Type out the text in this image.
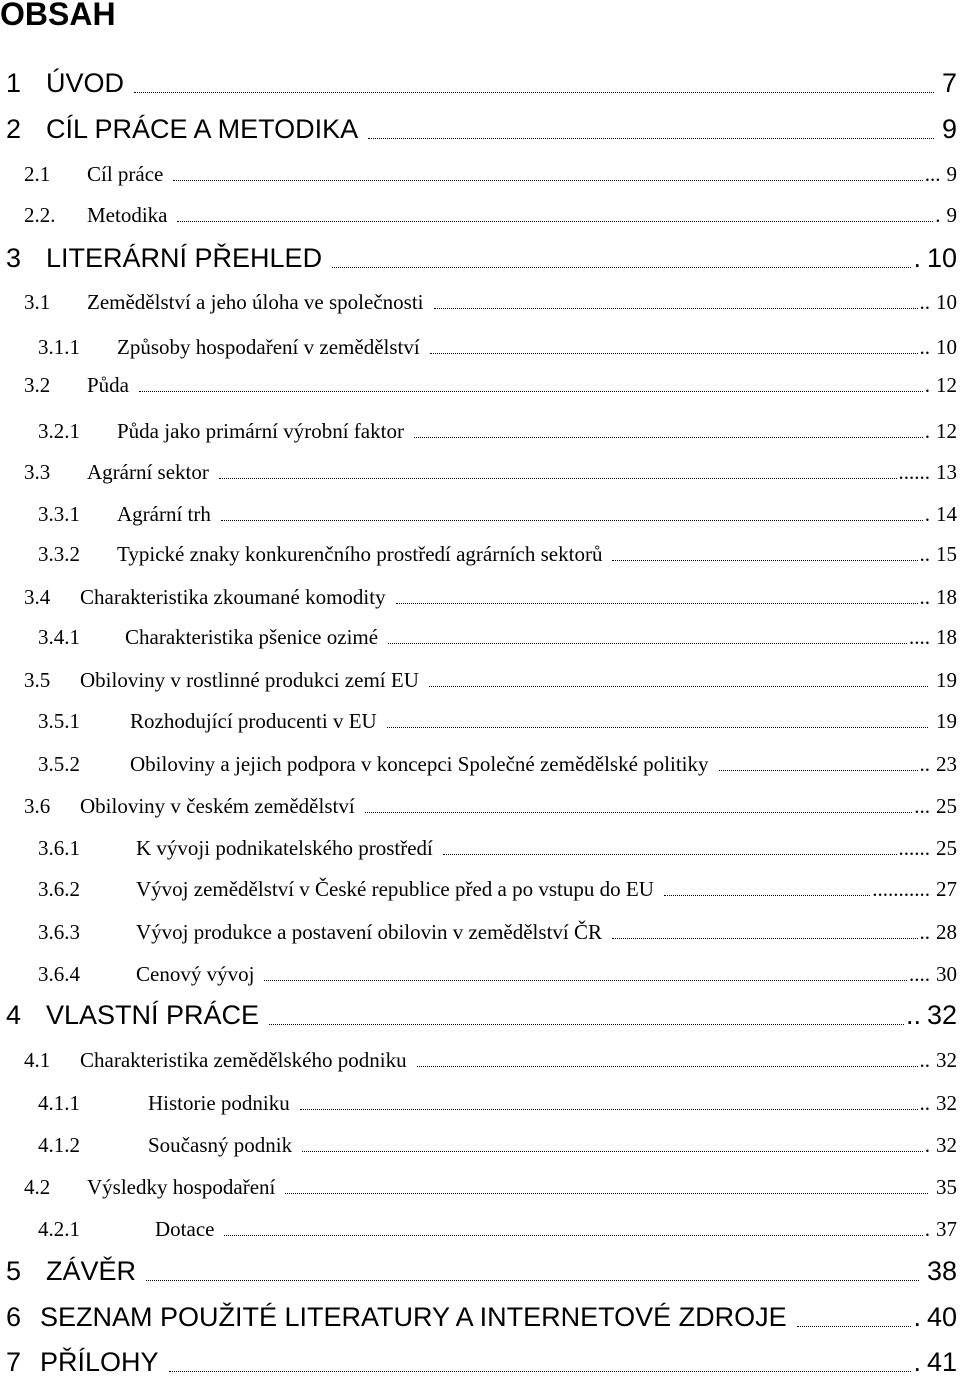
OBSAH
1 ÚVOD	7
2 CÍL PRÁCE A METODIKA	9
2.1 Cíl práce	... 9
2.2. Metodika	. 9
3 LITERÁRNÍ PŘEHLED	. 10
3.1 Zemědělství a jeho úloha ve společnosti	.. 10
3.1.1 Způsoby hospodaření v zemědělství	.. 10
3.2 Půda	. 12
3.2.1 Půda jako primární výrobní faktor	. 12
3.3 Agrární sektor	...... 13
3.3.1 Agrární trh	. 14
3.3.2 Typické znaky konkurenčního prostředí agrárních sektorů	.. 15
3.4 Charakteristika zkoumané komodity	.. 18
3.4.1 Charakteristika pšenice ozimé	.... 18
3.5 Obiloviny v rostlinné produkci zemí EU	19
3.5.1 Rozhodující producenti v EU	19
3.5.2 Obiloviny a jejich podpora v koncepci Společné zemědělské politiky	.. 23
3.6 Obiloviny v českém zemědělství	... 25
3.6.1	K vývoji podnikatelského prostředí	...... 25
3.6.2	Vývoj zemědělství v České republice před a po vstupu do EU	........... 27
3.6.3	Vývoj produkce a postavení obilovin v zemědělství ČR	.. 28
3.6.4	Cenový vývoj	.... 30
4 VLASTNÍ PRÁCE	.. 32
4.1 Charakteristika zemědělského podniku	.. 32
4.1.1	Historie podniku	.. 32
4.1.2	Současný podnik	. 32
4.2 Výsledky hospodaření	35
4.2.1	Dotace	. 37
5 ZÁVĚR	38
6 SEZNAM POUŽITÉ LITERATURY A INTERNETOVÉ ZDROJE	. 40
7 PŘÍLOHY	. 41
